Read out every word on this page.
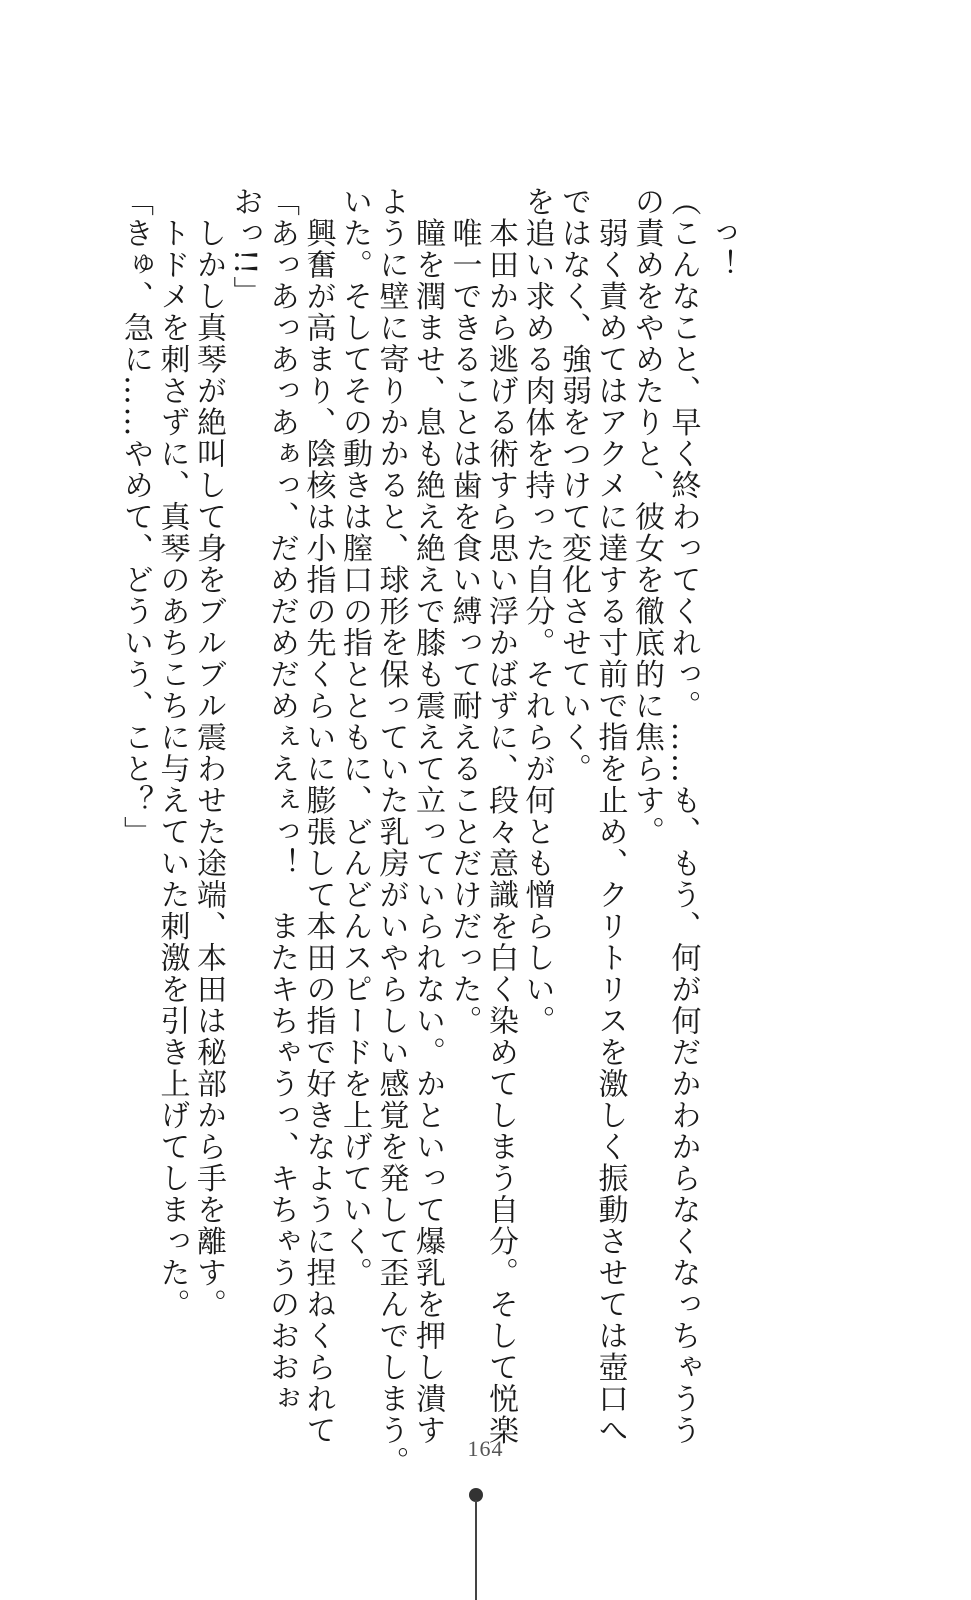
　っ！
（こんなこと、早く終わってくれっ。……も、もう、何が何だかわからなくなっちゃうう
の責めをやめたりと、彼女を徹底的に焦らす。
　弱く責めてはアクメに達する寸前で指を止め、クリトリスを激しく振動させては壺口へ
ではなく、強弱をつけて変化させていく。
を追い求める肉体を持った自分。それらが何とも憎らしい。
　本田から逃げる術すら思い浮かばずに、段々意識を白く染めてしまう自分。そして悦楽
　唯一できることは歯を食い縛って耐えることだけだった。
　瞳を潤ませ、息も絶え絶えで膝も震えて立っていられない。かといって爆乳を押し潰す
ように壁に寄りかかると、球形を保っていた乳房がいやらしい感覚を発して歪んでしまう。
いた。そしてその動きは膣口の指とともに、どんどんスピードを上げていく。
　興奮が高まり、陰核は小指の先くらいに膨張して本田の指で好きなように捏ねくられて
「あっあっあっあぁっ、だめだめだめぇえぇっ！　またキちゃうっ、キちゃうのおおぉ
おっ!!」
　しかし真琴が絶叫して身をブルブル震わせた途端、本田は秘部から手を離す。
　トドメを刺さずに、真琴のあちこちに与えていた刺激を引き上げてしまった。
「きゅ、急に……やめて、どういう、こと？」
164
